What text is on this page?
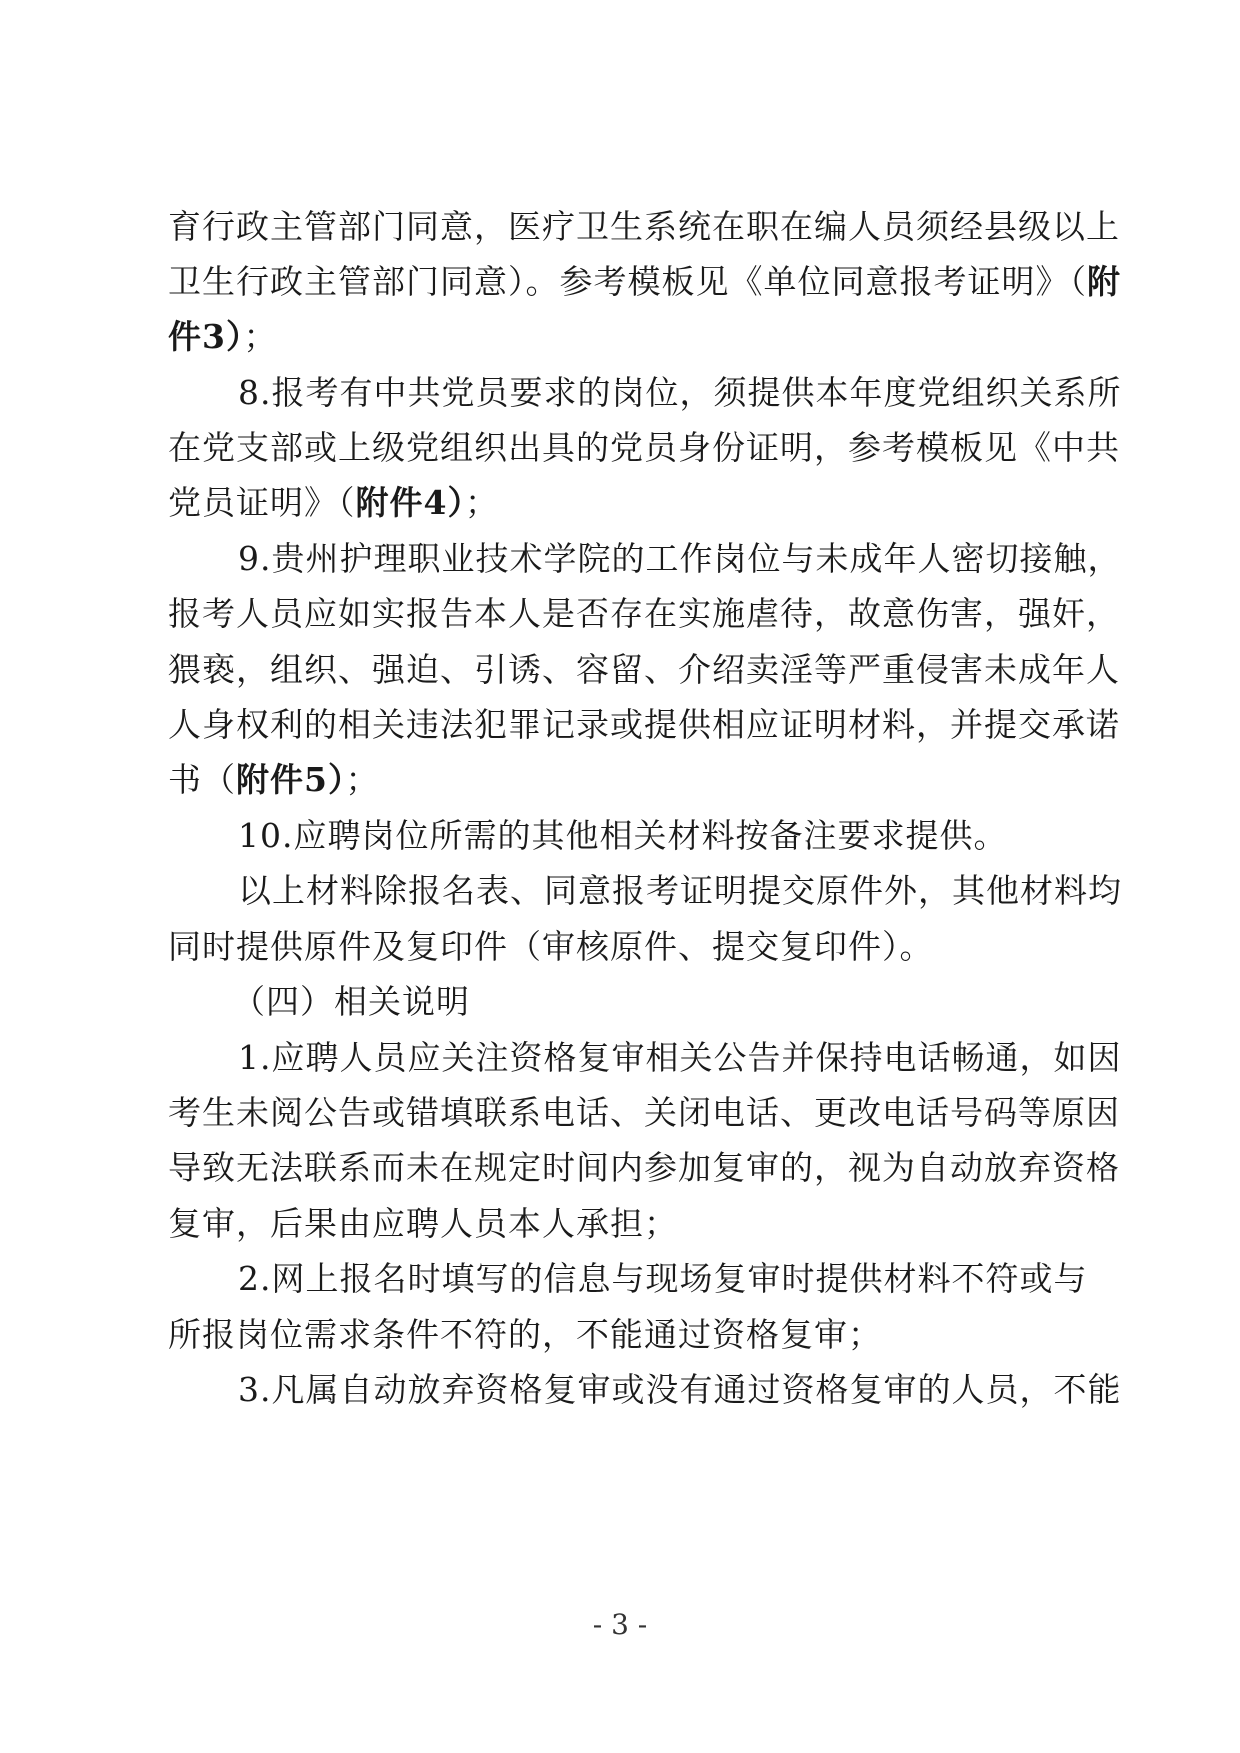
育行政主管部门同意，医疗卫生系统在职在编人员须经县级以上
卫生行政主管部门同意）。参考模板见《单位同意报考证明》（附
件3）；
8.报考有中共党员要求的岗位，须提供本年度党组织关系所
在党支部或上级党组织出具的党员身份证明，参考模板见《中共
党员证明》（附件4）；
9.贵州护理职业技术学院的工作岗位与未成年人密切接触，
报考人员应如实报告本人是否存在实施虐待，故意伤害，强奸，
猥亵，组织、强迫、引诱、容留、介绍卖淫等严重侵害未成年人
人身权利的相关违法犯罪记录或提供相应证明材料，并提交承诺
书（附件5）；
10.应聘岗位所需的其他相关材料按备注要求提供。
以上材料除报名表、同意报考证明提交原件外，其他材料均
同时提供原件及复印件（审核原件、提交复印件）。
（四）相关说明
1.应聘人员应关注资格复审相关公告并保持电话畅通，如因
考生未阅公告或错填联系电话、关闭电话、更改电话号码等原因
导致无法联系而未在规定时间内参加复审的，视为自动放弃资格
复审，后果由应聘人员本人承担；
2.网上报名时填写的信息与现场复审时提供材料不符或与
所报岗位需求条件不符的，不能通过资格复审；
3.凡属自动放弃资格复审或没有通过资格复审的人员，不能
- 3 -
